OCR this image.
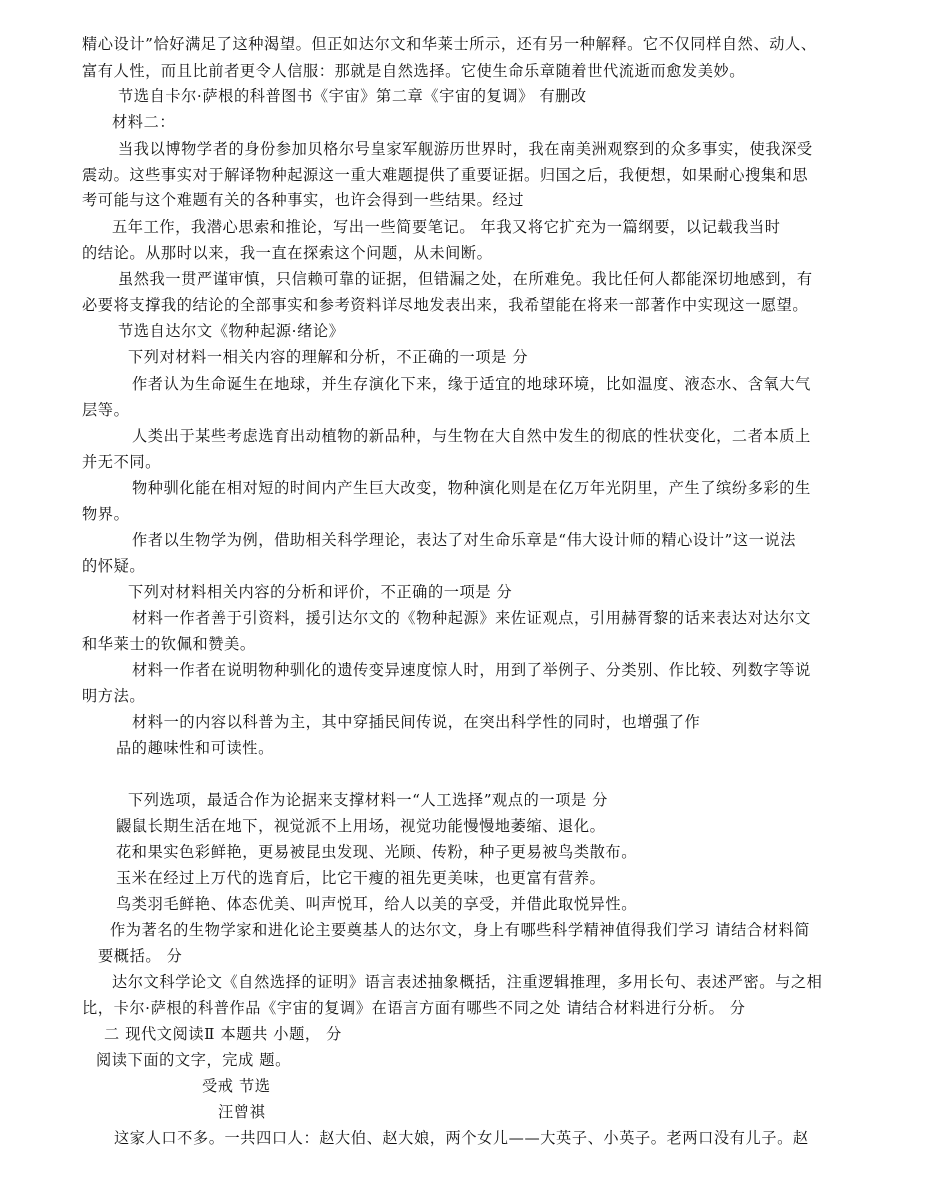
精心设计”恰好满足了这种渴望。但正如达尔文和华莱士所示，还有另一种解释。它不仅同样自然、动人、
富有人性，而且比前者更令人信服：那就是自然选择。它使生命乐章随着世代流逝而愈发美妙。
节选自卡尔·萨根的科普图书《宇宙》第二章《宇宙的复调》 有删改
材料二：
当我以博物学者的身份参加贝格尔号皇家军舰游历世界时，我在南美洲观察到的众多事实，使我深受
震动。这些事实对于解译物种起源这一重大难题提供了重要证据。归国之后，我便想，如果耐心搜集和思
考可能与这个难题有关的各种事实，也许会得到一些结果。经过
五年工作，我潜心思索和推论，写出一些简要笔记。 年我又将它扩充为一篇纲要，以记载我当时
的结论。从那时以来，我一直在探索这个问题，从未间断。
虽然我一贯严谨审慎，只信赖可靠的证据，但错漏之处，在所难免。我比任何人都能深切地感到，有
必要将支撑我的结论的全部事实和参考资料详尽地发表出来，我希望能在将来一部著作中实现这一愿望。
节选自达尔文《物种起源·绪论》
下列对材料一相关内容的理解和分析，不正确的一项是 分
作者认为生命诞生在地球，并生存演化下来，缘于适宜的地球环境，比如温度、液态水、含氧大气
层等。
人类出于某些考虑选育出动植物的新品种，与生物在大自然中发生的彻底的性状变化，二者本质上
并无不同。
物种驯化能在相对短的时间内产生巨大改变，物种演化则是在亿万年光阴里，产生了缤纷多彩的生
物界。
作者以生物学为例，借助相关科学理论，表达了对生命乐章是“伟大设计师的精心设计”这一说法
的怀疑。
下列对材料相关内容的分析和评价，不正确的一项是 分
材料一作者善于引资料，援引达尔文的《物种起源》来佐证观点，引用赫胥黎的话来表达对达尔文
和华莱士的钦佩和赞美。
材料一作者在说明物种驯化的遗传变异速度惊人时，用到了举例子、分类别、作比较、列数字等说
明方法。
材料一的内容以科普为主，其中穿插民间传说，在突出科学性的同时，也增强了作
品的趣味性和可读性。
下列选项，最适合作为论据来支撑材料一“人工选择”观点的一项是 分
鼹鼠长期生活在地下，视觉派不上用场，视觉功能慢慢地萎缩、退化。
花和果实色彩鲜艳，更易被昆虫发现、光顾、传粉，种子更易被鸟类散布。
玉米在经过上万代的选育后，比它干瘦的祖先更美味，也更富有营养。
鸟类羽毛鲜艳、体态优美、叫声悦耳，给人以美的享受，并借此取悦异性。
作为著名的生物学家和进化论主要奠基人的达尔文，身上有哪些科学精神值得我们学习 请结合材料简
要概括。 分
达尔文科学论文《自然选择的证明》语言表述抽象概括，注重逻辑推理，多用长句、表述严密。与之相
比，卡尔·萨根的科普作品《宇宙的复调》在语言方面有哪些不同之处 请结合材料进行分析。 分
二 现代文阅读Ⅱ 本题共 小题， 分
阅读下面的文字，完成 题。
受戒 节选
汪曾祺
这家人口不多。一共四口人：赵大伯、赵大娘，两个女儿——大英子、小英子。老两口没有儿子。赵
